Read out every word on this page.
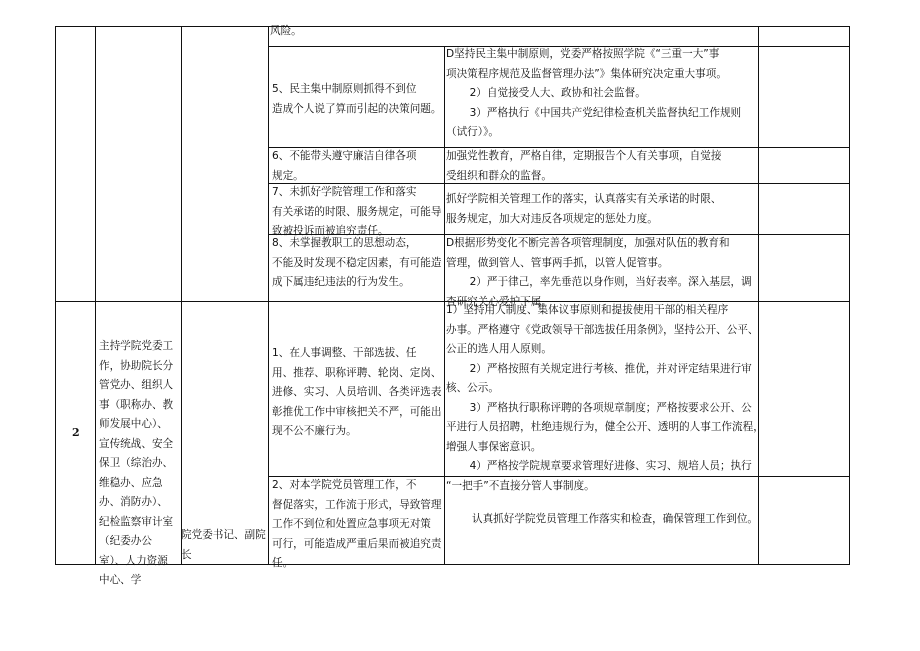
风险。
5、民主集中制原则抓得不到位
造成个人说了算而引起的决策问题。
D坚持民主集中制原则，党委严格按照学院《“三重一大”事
项决策程序规范及监督管理办法”》集体研究决定重大事项。
2）自觉接受人大、政协和社会监督。
3）严格执行《中国共产党纪律检查机关监督执纪工作规则
（试行）》。
6、不能带头遵守廉洁自律各项
规定。
加强党性教育，严格自律，定期报告个人有关事项，自觉接
受组织和群众的监督。
7、未抓好学院管理工作和落实
有关承诺的时限、服务规定，可能导
致被投诉而被追究责任。
抓好学院相关管理工作的落实，认真落实有关承诺的时限、
服务规定，加大对违反各项规定的惩处力度。
8、未掌握教职工的思想动态，
不能及时发现不稳定因素，有可能造
成下属违纪违法的行为发生。
D根据形势变化不断完善各项管理制度，加强对队伍的教育和
管理，做到管人、管事两手抓，以管人促管事。
2）严于律己，率先垂范以身作则，当好表率。深入基层，调
查研究关心爱护下属。
2
主持学院党委工
作，协助院长分
管党办、组织人
事（职称办、教
师发展中心）、
宣传统战、安全
保卫（综治办、
维稳办、应急
办、消防办）、
纪检监察审计室
（纪委办公
室）、人力资源
中心、学
院党委书记、副院
长
1、在人事调整、干部选拔、任
用、推荐、职称评聘、轮岗、定岗、
进修、实习、人员培训、各类评选表
彰推优工作中审核把关不严，可能出
现不公不廉行为。
1）坚持用人制度、集体议事原则和提拔使用干部的相关程序
办事。严格遵守《党政领导干部选拔任用条例》，坚持公开、公平、
公正的选人用人原则。
2）严格按照有关规定进行考核、推优，并对评定结果进行审
核、公示。
3）严格执行职称评聘的各项规章制度；严格按要求公开、公
平进行人员招聘，杜绝违规行为，健全公开、透明的人事工作流程，
增强人事保密意识。
4）严格按学院规章要求管理好进修、实习、规培人员；执行
“一把手”不直接分管人事制度。
2、对本学院党员管理工作，不
督促落实，工作流于形式，导致管理
工作不到位和处置应急事项无对策
可行，可能造成严重后果而被追究责
任。
认真抓好学院党员管理工作落实和检查，确保管理工作到位。
